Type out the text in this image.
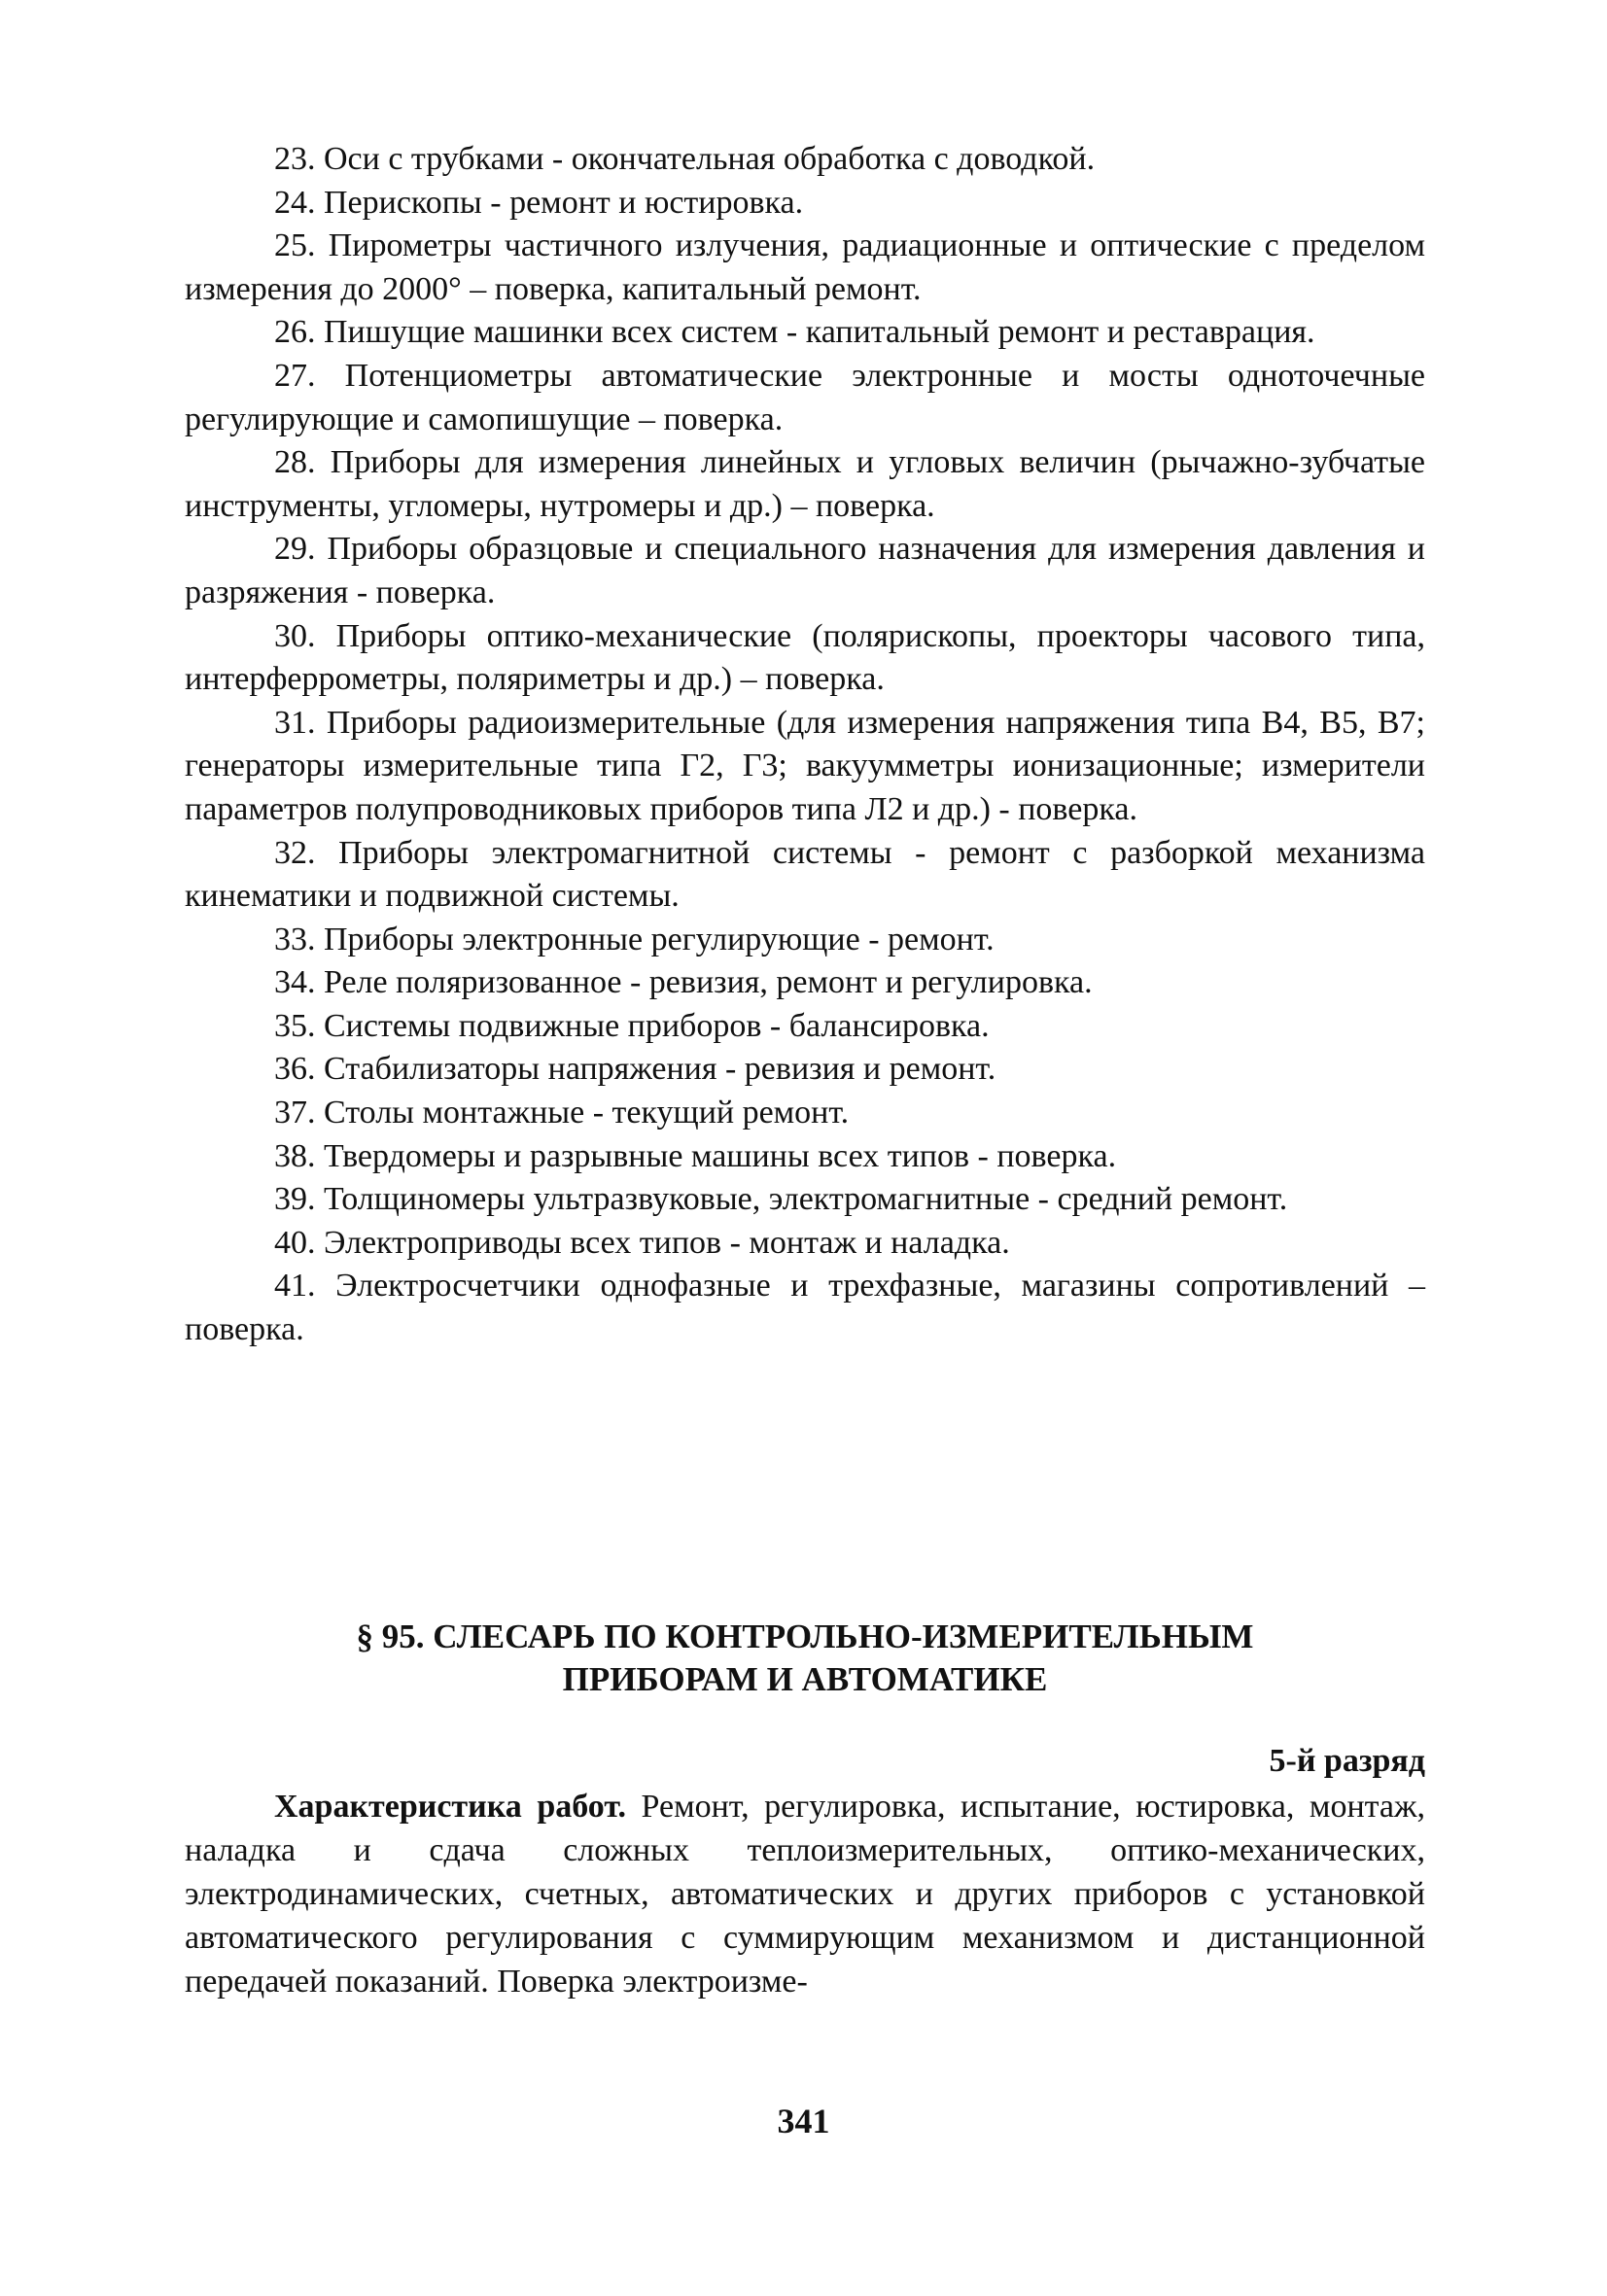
23. Оси с трубками - окончательная обработка с доводкой.

24. Перископы - ремонт и юстировка.

25. Пирометры частичного излучения, радиационные и оптические с пределом измерения до 2000° – поверка, капитальный ремонт.

26. Пишущие машинки всех систем - капитальный ремонт и реставрация.

27. Потенциометры автоматические электронные и мосты одноточечные регулирующие и самопишущие – поверка.

28. Приборы для измерения линейных и угловых величин (рычажно-зубчатые инструменты, угломеры, нутромеры и др.) – поверка.

29. Приборы образцовые и специального назначения для измерения давления и разряжения - поверка.

30. Приборы оптико-механические (полярископы, проекторы часового типа, интерферрометры, поляриметры и др.) – поверка.

31. Приборы радиоизмерительные (для измерения напряжения типа В4, В5, В7; генераторы измерительные типа Г2, Г3; вакуумметры ионизационные; измерители параметров полупроводниковых приборов типа Л2 и др.) - поверка.

32. Приборы электромагнитной системы - ремонт с разборкой механизма кинематики и подвижной системы.

33. Приборы электронные регулирующие - ремонт.

34. Реле поляризованное - ревизия, ремонт и регулировка.

35. Системы подвижные приборов - балансировка.

36. Стабилизаторы напряжения - ревизия и ремонт.

37. Столы монтажные - текущий ремонт.

38. Твердомеры и разрывные машины всех типов - поверка.

39. Толщиномеры ультразвуковые, электромагнитные - средний ремонт.

40. Электроприводы всех типов - монтаж и наладка.

41. Электросчетчики однофазные и трехфазные, магазины сопротивлений – поверка.

§ 95. СЛЕСАРЬ ПО КОНТРОЛЬНО-ИЗМЕРИТЕЛЬНЫМ
ПРИБОРАМ И АВТОМАТИКЕ

5-й разряд

Характеристика работ. Ремонт, регулировка, испытание, юстировка, монтаж, наладка и сдача сложных теплоизмерительных, оптико-механических, электродинамических, счетных, автоматических и других приборов с установкой автоматического регулирования с суммирующим механизмом и дистанционной передачей показаний. Поверка электроизме-

341
